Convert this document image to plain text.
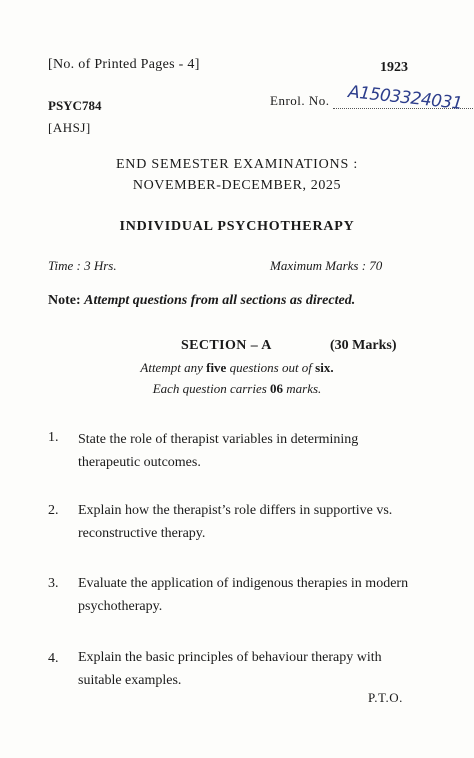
[No. of Printed Pages - 4]	1923
PSYC784
[AHSJ]
Enrol. No.	A1503324031
END SEMESTER EXAMINATIONS :
NOVEMBER-DECEMBER, 2025
INDIVIDUAL PSYCHOTHERAPY
Time : 3 Hrs.	Maximum Marks : 70
Note: Attempt questions from all sections as directed.
SECTION – A	(30 Marks)
Attempt any five questions out of six.
Each question carries 06 marks.
1. State the role of therapist variables in determining therapeutic outcomes.
2. Explain how the therapist’s role differs in supportive vs. reconstructive therapy.
3. Evaluate the application of indigenous therapies in modern psychotherapy.
4. Explain the basic principles of behaviour therapy with suitable examples.
P.T.O.
